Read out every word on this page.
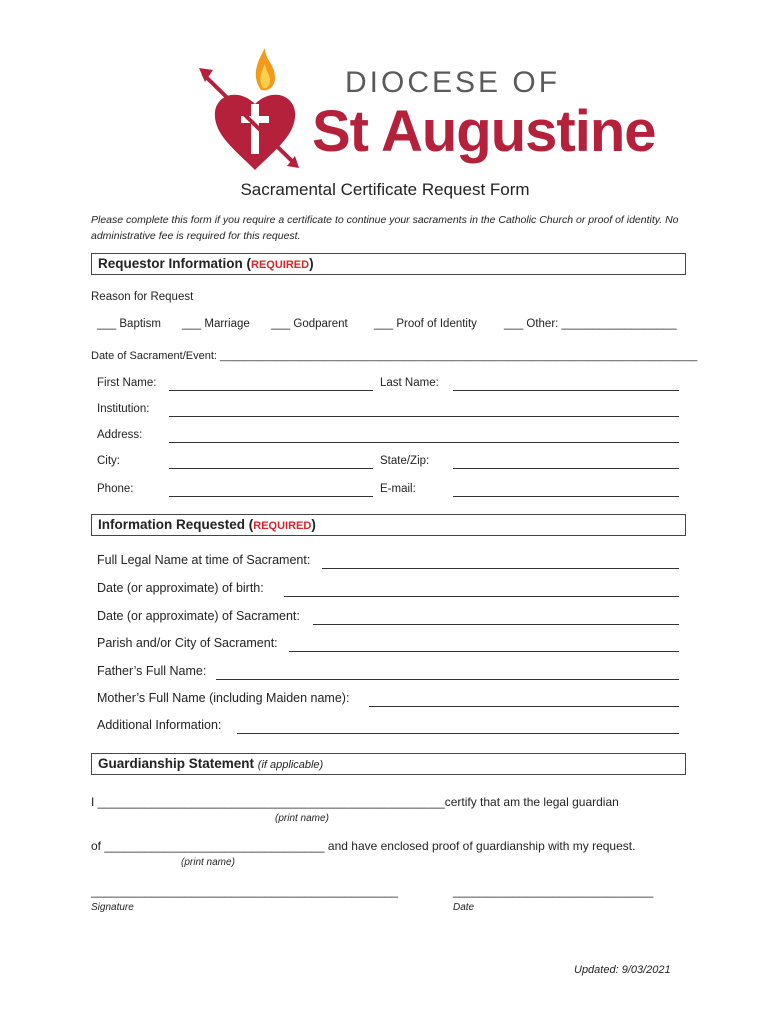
DIOCESE OF
St Augustine
Sacramental Certificate Request Form
Please complete this form if you require a certificate to continue your sacraments in the Catholic Church or proof of identity. No administrative fee is required for this request.
Requestor Information (REQUIRED)
Reason for Request
___ Baptism ___ Marriage ___ Godparent ___ Proof of Identity ___ Other: __________________
Date of Sacrament/Event: ______________________________________________________________________________
First Name:	Last Name:
Institution:
Address:
City:	State/Zip:
Phone:	E-mail:
Information Requested (REQUIRED)
Full Legal Name at time of Sacrament:
Date (or approximate) of birth:
Date (or approximate) of Sacrament:
Parish and/or City of Sacrament:
Father’s Full Name:
Mother’s Full Name (including Maiden name):
Additional Information:
Guardianship Statement (if applicable)
I ____________________________________________________certify that am the legal guardian
(print name)
of _________________________________ and have enclosed proof of guardianship with my request.
(print name)
______________________________________________	______________________________
Signature	Date
Updated: 9/03/2021
